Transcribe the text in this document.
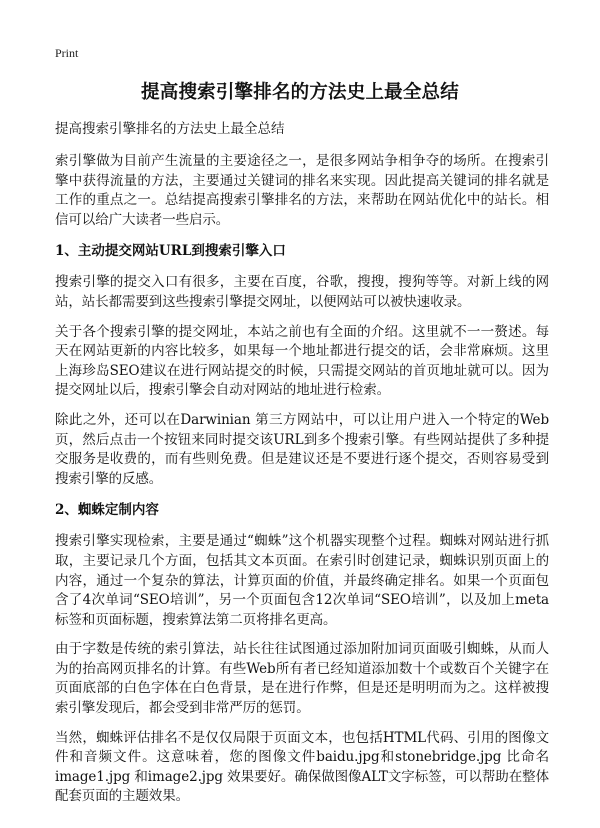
Print
提高搜索引擎排名的方法史上最全总结
提高搜索引擎排名的方法史上最全总结

索引擎做为目前产生流量的主要途径之一，是很多网站争相争夺的场所。在搜索引擎中获得流量的方法，主要通过关键词的排名来实现。因此提高关键词的排名就是工作的重点之一。总结提高搜索引擎排名的方法，来帮助在网站优化中的站长。相信可以给广大读者一些启示。

1、主动提交网站URL到搜索引擎入口

搜索引擎的提交入口有很多，主要在百度，谷歌，搜搜，搜狗等等。对新上线的网站，站长都需要到这些搜索引擎提交网址，以便网站可以被快速收录。

关于各个搜索引擎的提交网址，本站之前也有全面的介绍。这里就不一一赘述。每天在网站更新的内容比较多，如果每一个地址都进行提交的话，会非常麻烦。这里上海珍岛SEO建议在进行网站提交的时候，只需提交网站的首页地址就可以。因为提交网址以后，搜索引擎会自动对网站的地址进行检索。

除此之外，还可以在Darwinian 第三方网站中，可以让用户进入一个特定的Web页，然后点击一个按钮来同时提交该URL到多个搜索引擎。有些网站提供了多种提交服务是收费的，而有些则免费。但是建议还是不要进行逐个提交，否则容易受到搜索引擎的反感。

2、蜘蛛定制内容

搜索引擎实现检索，主要是通过“蜘蛛”这个机器实现整个过程。蜘蛛对网站进行抓取，主要记录几个方面，包括其文本页面。在索引时创建记录，蜘蛛识别页面上的内容，通过一个复杂的算法，计算页面的价值，并最终确定排名。如果一个页面包含了4次单词“SEO培训”，另一个页面包含12次单词“SEO培训”，以及加上meta标签和页面标题，搜索算法第二页将排名更高。

由于字数是传统的索引算法，站长往往试图通过添加附加词页面吸引蜘蛛，从而人为的抬高网页排名的计算。有些Web所有者已经知道添加数十个或数百个关键字在页面底部的白色字体在白色背景，是在进行作弊，但是还是明明而为之。这样被搜索引擎发现后，都会受到非常严厉的惩罚。

当然，蜘蛛评估排名不是仅仅局限于页面文本，也包括HTML代码、引用的图像文件和音频文件。这意味着，您的图像文件baidu.jpg和stonebridge.jpg 比命名image1.jpg 和image2.jpg 效果要好。确保做图像ALT文字标签，可以帮助在整体配套页面的主题效果。
